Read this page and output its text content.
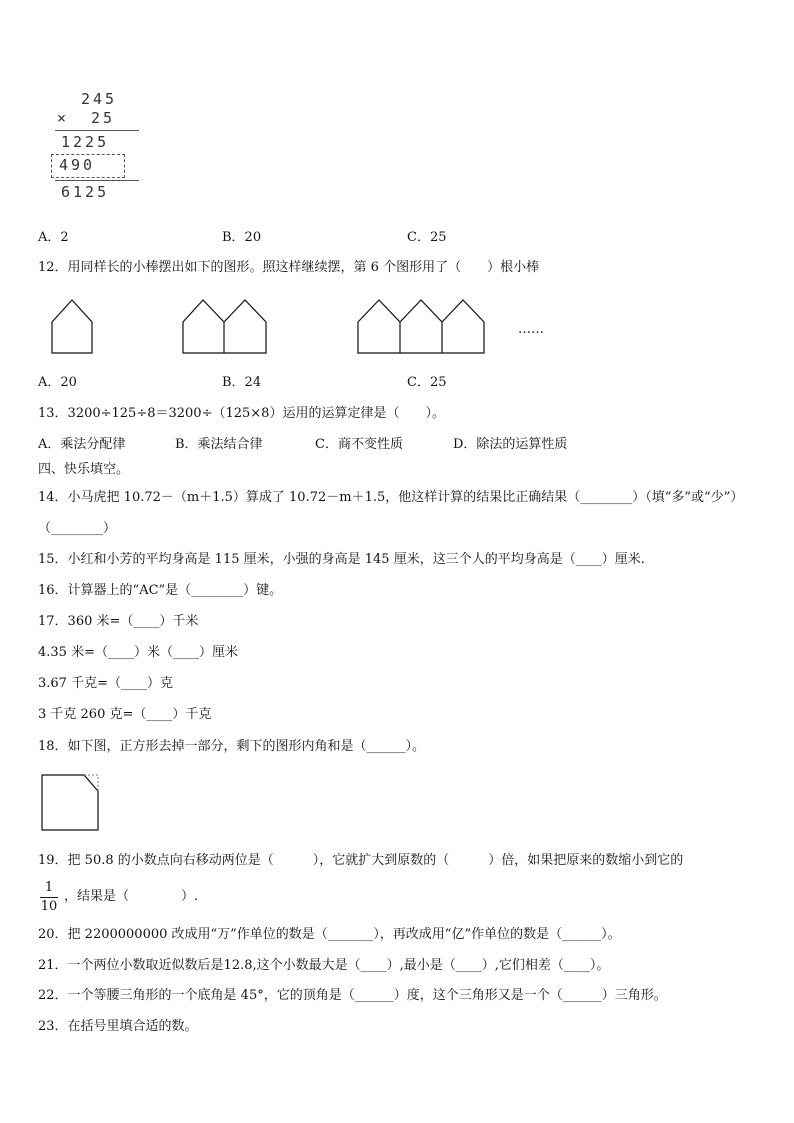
245
× 25
1225
490
6125
A．2	B．20	C．25
12．用同样长的小棒摆出如下的图形。照这样继续摆，第 6 个图形用了（　　）根小棒
……
A．20	B．24	C．25
13．3200÷125÷8＝3200÷（125×8）运用的运算定律是（　　）。
A．乘法分配律	B．乘法结合律	C．商不变性质	D．除法的运算性质
四、快乐填空。
14．小马虎把 10.72－（m＋1.5）算成了 10.72－m＋1.5，他这样计算的结果比正确结果（________）（填“多”或“少”）
（________）
15．小红和小芳的平均身高是 115 厘米，小强的身高是 145 厘米，这三个人的平均身高是（____）厘米.
16．计算器上的“AC”是（________）键。
17．360 米=（____）千米
4.35 米=（____）米（____）厘米
3.67 千克=（____）克
3 千克 260 克=（____）千克
18．如下图，正方形去掉一部分，剩下的图形内角和是（______）。
19．把 50.8 的小数点向右移动两位是（　　　），它就扩大到原数的（　　　）倍，如果把原来的数缩小到它的
1
10
，结果是（　　　　）.
20．把 2200000000 改成用“万”作单位的数是（_______），再改成用“亿”作单位的数是（______）。
21．一个两位小数取近似数后是12.8,这个小数最大是（____）,最小是（____）,它们相差（____）。
22．一个等腰三角形的一个底角是 45°，它的顶角是（______）度，这个三角形又是一个（______）三角形。
23．在括号里填合适的数。
